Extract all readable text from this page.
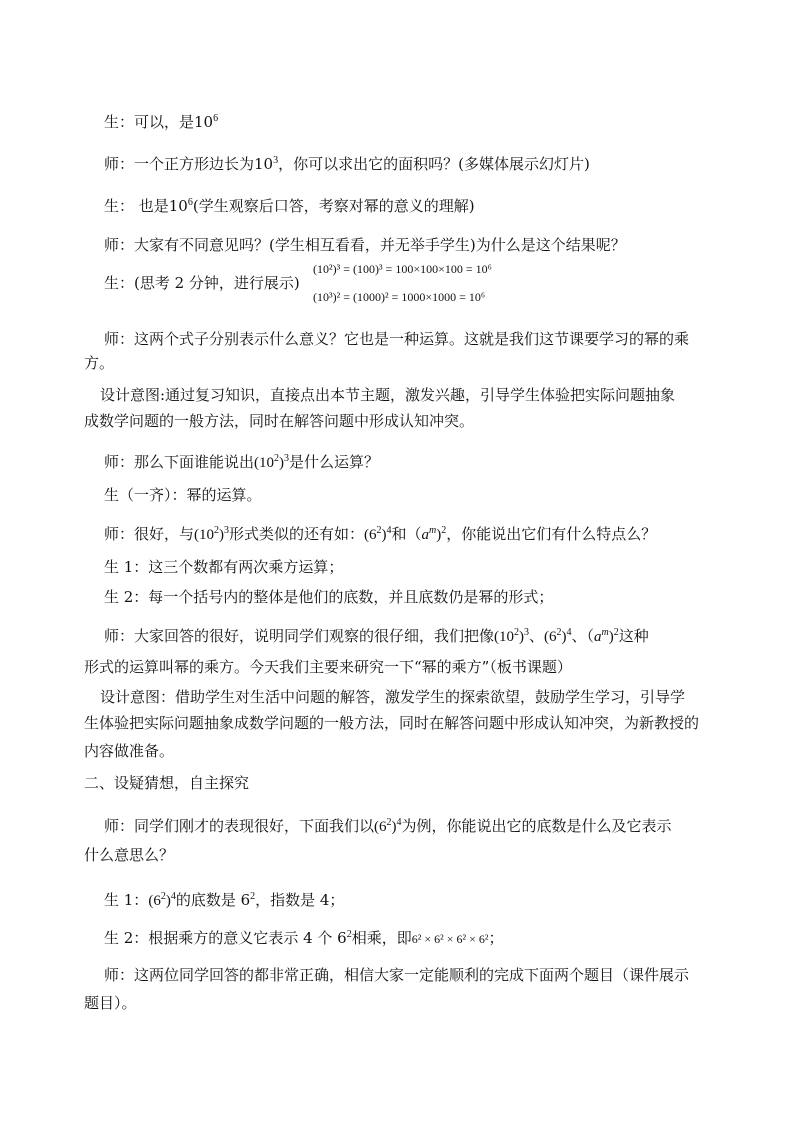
生：可以，是$10^6$
师：一个正方形边长为$10^3$，你可以求出它的面积吗？(多媒体展示幻灯片)
生： 也是$10^6$(学生观察后口答，考察对幂的意义的理解)
师：大家有不同意见吗？(学生相互看看，并无举手学生)为什么是这个结果呢？
生：(思考 2 分钟，进行展示)
(10²)³ = (100)³ = 100×100×100 = 10⁶
(10³)² = (1000)² = 1000×1000 = 10⁶
师：这两个式子分别表示什么意义？它也是一种运算。这就是我们这节课要学习的幂的乘
方。
设计意图:通过复习知识，直接点出本节主题，激发兴趣，引导学生体验把实际问题抽象
成数学问题的一般方法，同时在解答问题中形成认知冲突。
师：那么下面谁能说出$(10^2)^3$是什么运算？
生（一齐）：幂的运算。
师：很好，与$(10^2)^3$形式类似的还有如：$(6^2)^4$和$(a^m)^2$，你能说出它们有什么特点么？
生 1：这三个数都有两次乘方运算；
生 2：每一个括号内的整体是他们的底数，并且底数仍是幂的形式；
师：大家回答的很好，说明同学们观察的很仔细，我们把像$(10^2)^3$、$(6^2)^4$、$(a^m)^2$这种
形式的运算叫幂的乘方。今天我们主要来研究一下“幂的乘方”（板书课题）
设计意图：借助学生对生活中问题的解答，激发学生的探索欲望，鼓励学生学习，引导学
生体验把实际问题抽象成数学问题的一般方法，同时在解答问题中形成认知冲突，为新教授的
内容做准备。
二、设疑猜想，自主探究
师：同学们刚才的表现很好，下面我们以$(6^2)^4$为例，你能说出它的底数是什么及它表示
什么意思么？
生 1：$(6^2)^4$的底数是 $6^2$，指数是 4；
生 2：根据乘方的意义它表示 4 个 $6^2$相乘，即6² × 6² × 6² × 6²；
师：这两位同学回答的都非常正确，相信大家一定能顺利的完成下面两个题目（课件展示
题目）。
